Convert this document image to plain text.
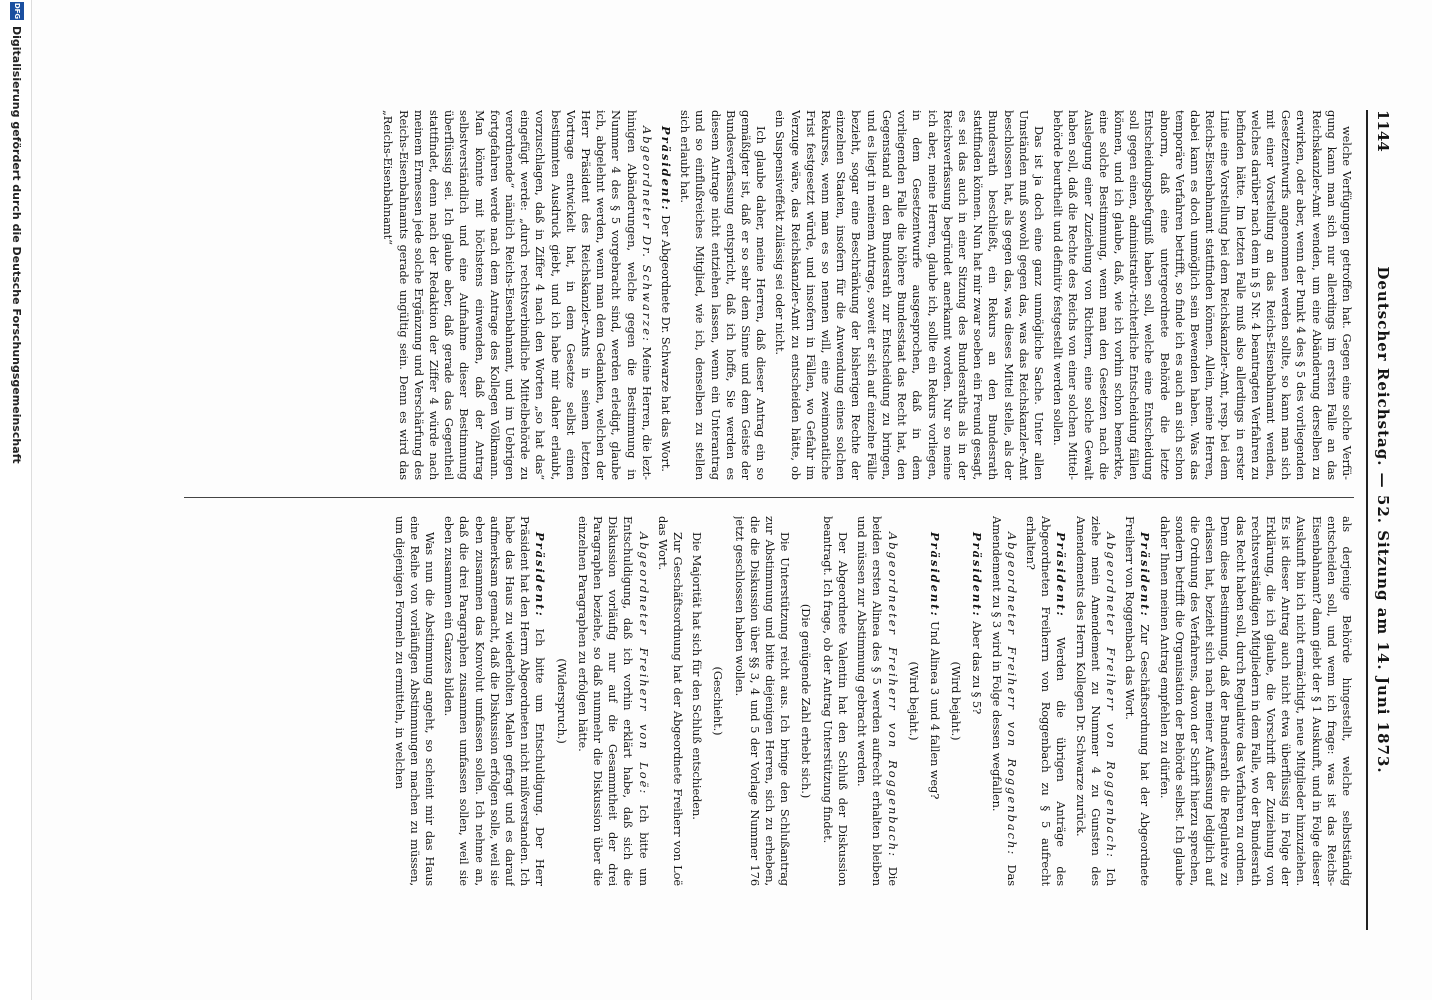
1144
Deutscher Reichstag. — 52. Sitzung am 14. Juni 1873.

welche Verfügungen getroffen hat. Gegen eine solche Verfügung kann man sich nur allerdings im ersten Falle an das Reichskanzler-Amt wenden, um eine Abänderung derselben zu erwirken, oder aber, wenn der Punkt 4 des § 5 des vorliegenden Gesetzentwurfs angenommen werden sollte, so kann man sich mit einer Vorstellung an das Reichs-Eisenbahnamt wenden, welches darüber nach dem in § 5 Nr. 4 beantragten Verfahren zu befinden hätte. Im letzten Falle muß also allerdings in erster Linie eine Vorstellung bei dem Reichskanzler-Amt, resp. bei dem Reichs-Eisenbahnamt stattfinden können. Allein, meine Herren, dabei kann es doch unmöglich sein Bewenden haben. Was das temporäre Verfahren betrifft, so finde ich es auch an sich schon abnorm, daß eine untergeordnete Behörde die letzte Entscheidungsbefugniß haben soll, welche eine Entscheidung soll gegen einen, administrativ-richterliche Entscheidung fällen können, und ich glaube, daß, wie ich vorhin schon bemerkte, eine solche Bestimmung, wenn man den Gesetzen nach die Auslegung einer Zuziehung von Richtern, eine solche Gewalt haben soll, daß die Rechte des Reichs von einer solchen Mittelbehörde beurtheilt und definitiv festgestellt werden sollen.

Das ist ja doch eine ganz unmögliche Sache. Unter allen Umständen muß sowohl gegen das, was das Reichskanzler-Amt beschlossen hat, als gegen das, was dieses Mittel stelle, als der Bundesrath beschließt, ein Rekurs an den Bundesrath stattfinden können. Nun hat mir zwar soeben ein Freund gesagt, es sei das auch in einer Sitzung des Bundesraths als in der Reichsverfassung begründet anerkannt worden. Nur so meine ich aber, meine Herren, glaube ich, sollte ein Rekurs vorliegen, in dem Gesetzentwurfe ausgesprochen, daß in dem vorliegenden Falle die höhere Bundesstaat das Recht hat, den Gegenstand an den Bundesrath zur Entscheidung zu bringen, und es liegt in meinem Antrage, soweit er sich auf einzelne Fälle bezieht, sogar eine Beschränkung der bisherigen Rechte der einzelnen Staaten, insofern für die Anwendung eines solchen Rekurses, wenn man es so nennen will, eine zweimonatliche Frist festgesetzt würde, und insofern in Fällen, wo Gefahr im Verzuge wäre, das Reichskanzler-Amt zu entscheiden hätte, ob ein Suspensiveffekt zulässig sei oder nicht.

Ich glaube daher, meine Herren, daß dieser Antrag ein so gemäßigter ist, daß er so sehr dem Sinne und dem Geiste der Bundesverfassung entspricht, daß ich hoffe, Sie werden es diesem Antrage nicht entziehen lassen, wenn ein Unterantrag und so einflußreiches Mitglied, wie ich, denselben zu stellen sich erlaubt hat.

Präsident: Der Abgeordnete Dr. Schwarze hat das Wort.

Abgeordneter Dr. Schwarze: Meine Herren, die lezthinigen Abänderungen, welche gegen die Bestimmung in Nummer 4 des § 5 vorgebracht sind, werden erledigt, glaube ich, abgelehnt werden, wenn man dem Gedanken, welchen der Herr Präsident des Reichskanzler-Amts in seinem letzten Vortrage entwickelt hat, in dem Gesetze selbst einen bestimmten Ausdruck giebt, und ich habe mir daher erlaubt, vorzuschlagen, daß in Ziffer 4 nach den Worten „so hat das“ eingefügt werde: „durch rechtsverbindliche Mittelbehörde zu verordnende“ nämlich Reichs-Eisenbahnamt, und im Uebrigen fortgefahren werde nach dem Antrage des Kollegen Völkmann. Man könnte mit höchstens einwenden, daß der Antrag selbstverständlich und eine Aufnahme dieser Bestimmung überflüssig sei. Ich glaube aber, daß gerade das Gegentheil stattfindet, denn nach der Redaktion der Ziffer 4 würde nach meinem Ermessen jede solche Ergänzung und Verschärfung des Reichs-Eisenbahnamts gerade ungültig sein. Denn es wird das „Reichs-Eisenbahnamt“

als derjenige Behörde hingestellt, welche selbstständig entscheiden soll, und wenn ich frage: was ist das Reichs-Eisenbahnamt? dann giebt der § 1 Auskunft, und in Folge dieser Auskunft bin ich nicht ermächtigt, neue Mitglieder hinzuziehen. Es ist dieser Antrag auch nicht etwa überflüssig in Folge der Erklärung, die ich glaube, die Vorschrift der Zuziehung von rechtsverständigen Mitgliedern in dem Falle, wo der Bundesrath das Recht haben soll, durch Regulative das Verfahren zu ordnen. Denn diese Bestimmung, daß der Bundesrath die Regulative zu erlassen hat, bezieht sich nach meiner Auffassung lediglich auf die Ordnung des Verfahrens, davon der Schrift hierzu sprechen, sondern betrifft die Organisation der Behörde selbst. Ich glaube daher Ihnen meinen Antrag empfehlen zu dürfen.

Präsident: Zur Geschäftsordnung hat der Abgeordnete Freiherr von Roggenbach das Wort.

Abgeordneter Freiherr von Roggenbach: Ich ziehe mein Amendement zu Nummer 4 zu Gunsten des Amendements des Herrn Kollegen Dr. Schwarze zurück.

Präsident: Werden die übrigen Anträge des Abgeordneten Freiherrn von Roggenbach zu § 5 aufrecht erhalten?

Abgeordneter Freiherr von Roggenbach: Das Amendement zu § 3 wird in Folge dessen wegfallen.

Präsident: Aber das zu § 5?

(Wird bejaht.)

Präsident: Und Alinea 3 und 4 fallen weg?

(Wird bejaht.)

Abgeordneter Freiherr von Roggenbach: Die beiden ersten Alinea des § 5 werden aufrecht erhalten bleiben und müssen zur Abstimmung gebracht werden.

Der Abgeordnete Valentin hat den Schluß der Diskussion beantragt. Ich frage, ob der Antrag Unterstützung findet.

(Die genügende Zahl erhebt sich.)

Die Unterstützung reicht aus. Ich bringe den Schlußantrag zur Abstimmung und bitte diejenigen Herren, sich zu erheben, die die Diskussion über §§ 3, 4 und 5 der Vorlage Nummer 176 jetzt geschlossen haben wollen.

(Geschieht.)

Die Majorität hat sich für den Schluß entschieden.

Zur Geschäftsordnung hat der Abgeordnete Freiherr von Loë das Wort.

Abgeordneter Freiherr von Loë: Ich bitte um Entschuldigung, daß ich vorhin erklärt habe, daß sich die Diskussion vorläufig nur auf die Gesammtheit der drei Paragraphen beziehe, so daß nunmehr die Diskussion über die einzelnen Paragraphen zu erfolgen hätte.

(Widerspruch.)

Präsident: Ich bitte um Entschuldigung. Der Herr Präsident hat den Herrn Abgeordneten nicht mißverstanden. Ich habe das Haus zu wiederholten Malen gefragt und es darauf aufmerksam gemacht, daß die Diskussion erfolgen solle, weil sie eben zusammen das Konvolut umfassen sollen. Ich nehme an, daß die drei Paragraphen zusammen umfassen sollen, weil sie eben zusammen ein Ganzes bilden.

Was nun die Abstimmung angeht, so scheint mir das Haus eine Reihe von vorläufigen Abstimmungen machen zu müssen, um diejenigen Formeln zu ermitteln, in welchen

DFG
Digitalisierung gefördert durch die Deutsche Forschungsgemeinschaft
